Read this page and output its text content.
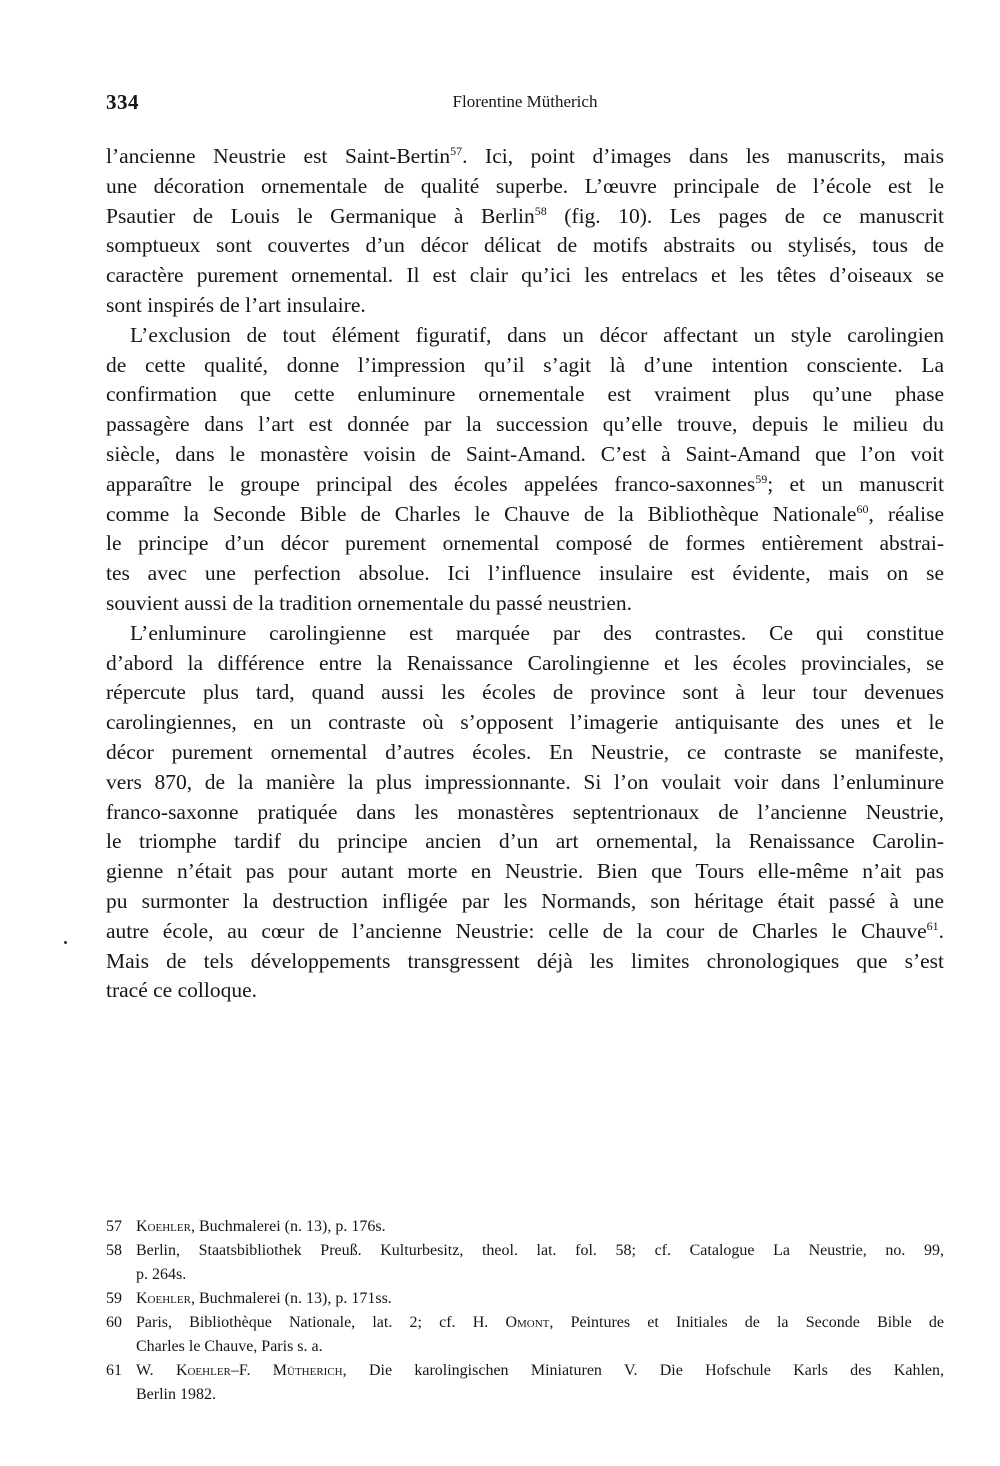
334	Florentine Mütherich
l’ancienne Neustrie est Saint-Bertin$^{57}$. Ici, point d’images dans les manuscrits, mais
une décoration ornementale de qualité superbe. L’œuvre principale de l’école est le
Psautier de Louis le Germanique à Berlin$^{58}$ (fig. 10). Les pages de ce manuscrit
somptueux sont couvertes d’un décor délicat de motifs abstraits ou stylisés, tous de
caractère purement ornemental. Il est clair qu’ici les entrelacs et les têtes d’oiseaux se
sont inspirés de l’art insulaire.
L’exclusion de tout élément figuratif, dans un décor affectant un style carolingien
de cette qualité, donne l’impression qu’il s’agit là d’une intention consciente. La
confirmation que cette enluminure ornementale est vraiment plus qu’une phase
passagère dans l’art est donnée par la succession qu’elle trouve, depuis le milieu du
siècle, dans le monastère voisin de Saint-Amand. C’est à Saint-Amand que l’on voit
apparaître le groupe principal des écoles appelées franco-saxonnes$^{59}$; et un manuscrit
comme la Seconde Bible de Charles le Chauve de la Bibliothèque Nationale$^{60}$, réalise
le principe d’un décor purement ornemental composé de formes entièrement abstrai-
tes avec une perfection absolue. Ici l’influence insulaire est évidente, mais on se
souvient aussi de la tradition ornementale du passé neustrien.
L’enluminure carolingienne est marquée par des contrastes. Ce qui constitue
d’abord la différence entre la Renaissance Carolingienne et les écoles provinciales, se
répercute plus tard, quand aussi les écoles de province sont à leur tour devenues
carolingiennes, en un contraste où s’opposent l’imagerie antiquisante des unes et le
décor purement ornemental d’autres écoles. En Neustrie, ce contraste se manifeste,
vers 870, de la manière la plus impressionnante. Si l’on voulait voir dans l’enluminure
franco-saxonne pratiquée dans les monastères septentrionaux de l’ancienne Neustrie,
le triomphe tardif du principe ancien d’un art ornemental, la Renaissance Carolin-
gienne n’était pas pour autant morte en Neustrie. Bien que Tours elle-même n’ait pas
pu surmonter la destruction infligée par les Normands, son héritage était passé à une
autre école, au cœur de l’ancienne Neustrie: celle de la cour de Charles le Chauve$^{61}$.
Mais de tels développements transgressent déjà les limites chronologiques que s’est
tracé ce colloque.
57 Koehler, Buchmalerei (n. 13), p. 176s.
58 Berlin, Staatsbibliothek Preuß. Kulturbesitz, theol. lat. fol. 58; cf. Catalogue La Neustrie, no. 99,
p. 264s.
59 Koehler, Buchmalerei (n. 13), p. 171ss.
60 Paris, Bibliothèque Nationale, lat. 2; cf. H. Omont, Peintures et Initiales de la Seconde Bible de
Charles le Chauve, Paris s. a.
61 W. Koehler–F. Mütherich, Die karolingischen Miniaturen V. Die Hofschule Karls des Kahlen,
Berlin 1982.
